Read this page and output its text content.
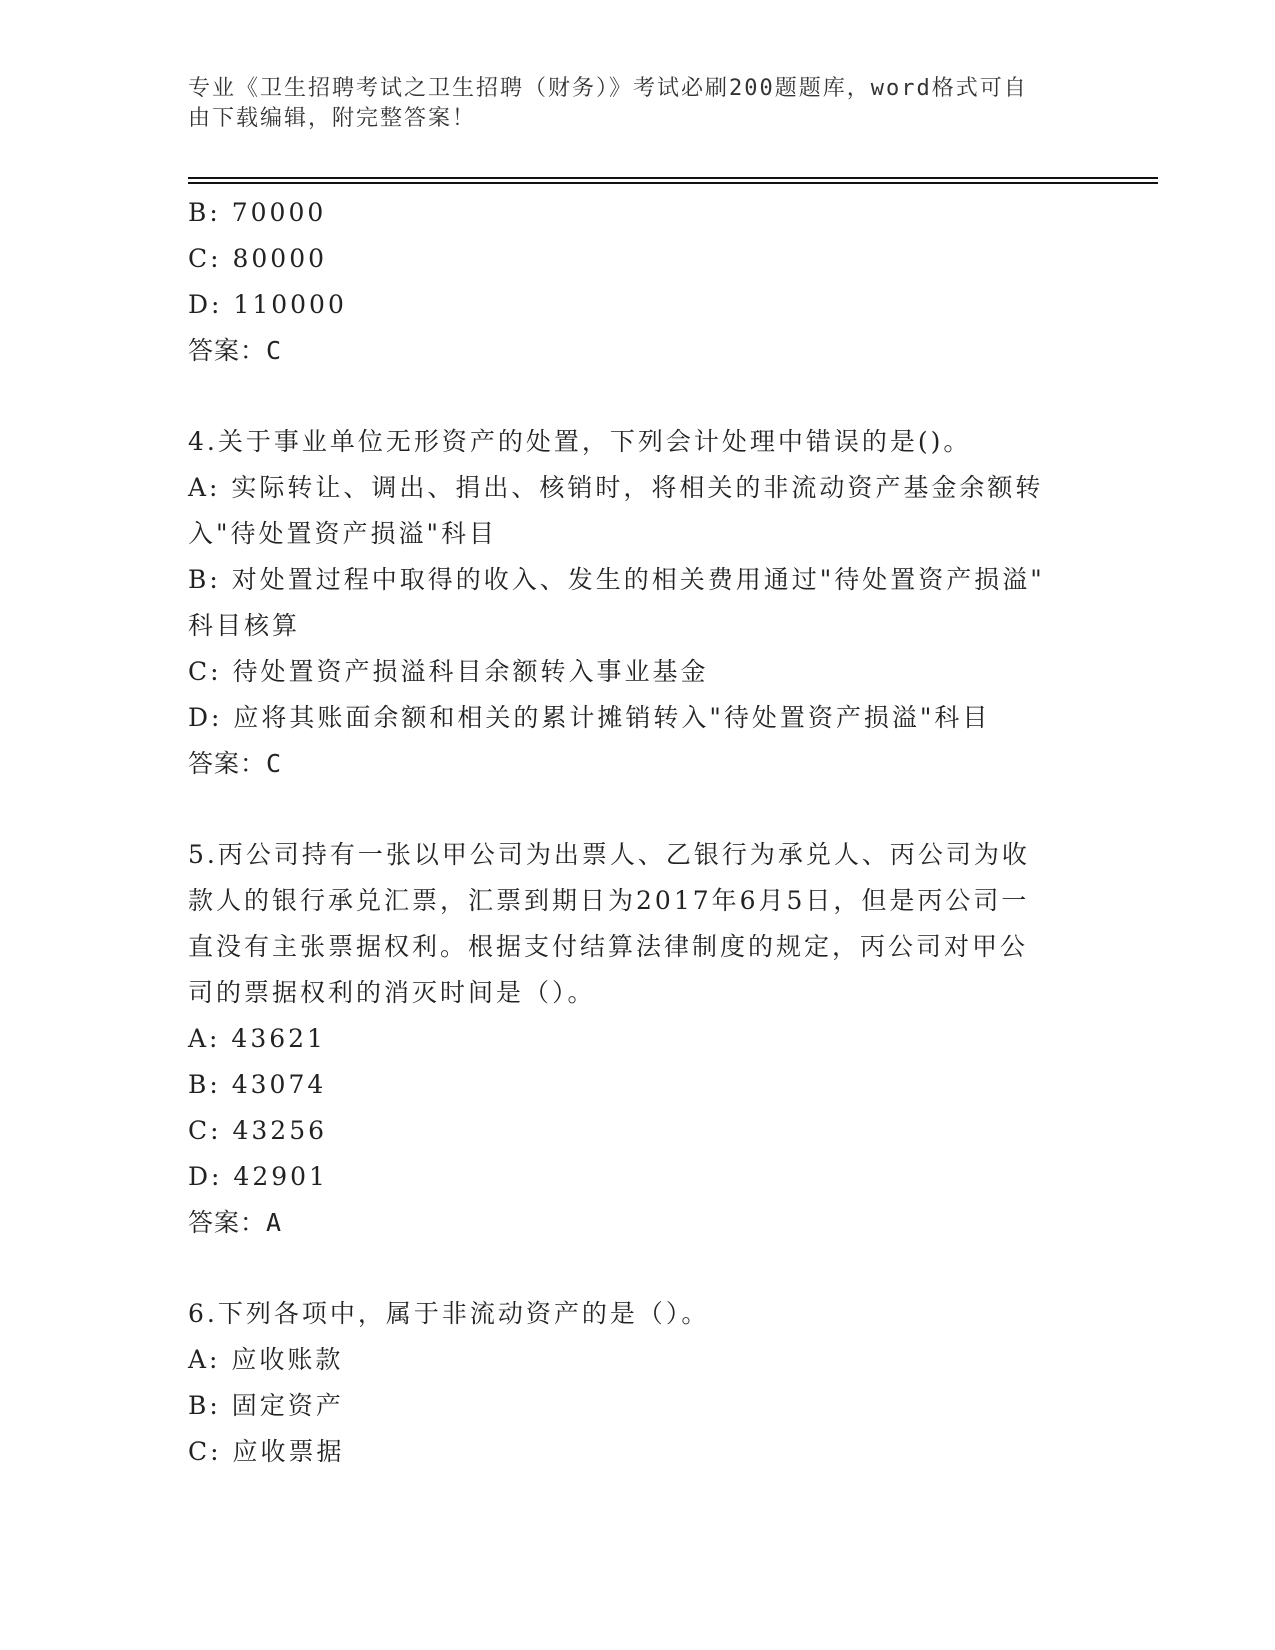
专业《卫生招聘考试之卫生招聘（财务）》考试必刷200题题库，word格式可自
由下载编辑，附完整答案！
B: 70000
C: 80000
D: 110000
答案：C
4.关于事业单位无形资产的处置，下列会计处理中错误的是()。
A: 实际转让、调出、捐出、核销时，将相关的非流动资产基金余额转
入"待处置资产损溢"科目
B: 对处置过程中取得的收入、发生的相关费用通过"待处置资产损溢"
科目核算
C: 待处置资产损溢科目余额转入事业基金
D: 应将其账面余额和相关的累计摊销转入"待处置资产损溢"科目
答案：C
5.丙公司持有一张以甲公司为出票人、乙银行为承兑人、丙公司为收
款人的银行承兑汇票，汇票到期日为2017年6月5日，但是丙公司一
直没有主张票据权利。根据支付结算法律制度的规定，丙公司对甲公
司的票据权利的消灭时间是（）。
A: 43621
B: 43074
C: 43256
D: 42901
答案：A
6.下列各项中，属于非流动资产的是（）。
A: 应收账款
B: 固定资产
C: 应收票据
